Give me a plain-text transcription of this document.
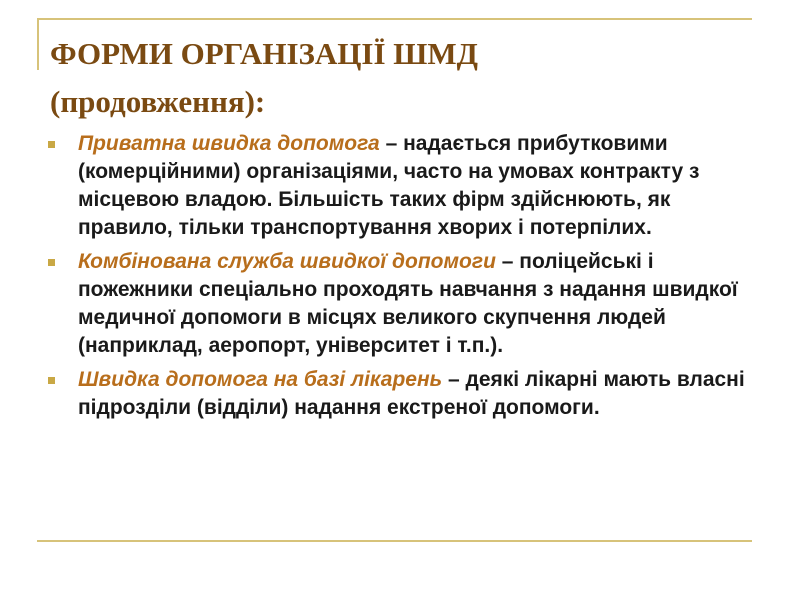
ФОРМИ ОРГАНІЗАЦІЇ ШМД
(продовження):
Приватна швидка допомога – надається прибутковими (комерційними) організаціями, часто на умовах контракту з місцевою владою. Більшість таких фірм здійснюють, як правило, тільки транспортування хворих і потерпілих.
Комбінована служба швидкої допомоги – поліцейські і пожежники спеціально проходять навчання з надання швидкої медичної допомоги в місцях великого скупчення людей (наприклад, аеропорт, університет і т.п.).
Швидка допомога на базі лікарень – деякі лікарні мають власні підрозділи (відділи) надання екстреної допомоги.
